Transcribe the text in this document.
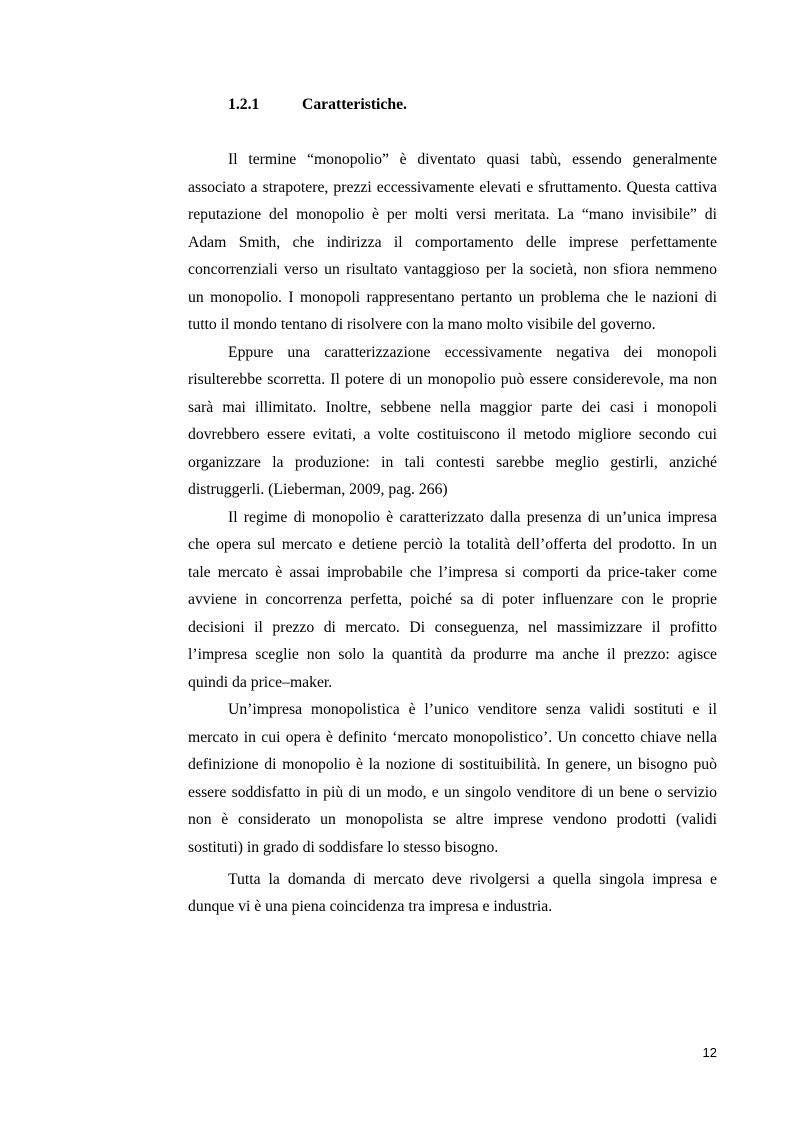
1.2.1	Caratteristiche.
Il termine “monopolio” è diventato quasi tabù, essendo generalmente
associato a strapotere, prezzi eccessivamente elevati e sfruttamento. Questa cattiva
reputazione del monopolio è per molti versi meritata. La “mano invisibile” di
Adam Smith, che indirizza il comportamento delle imprese perfettamente
concorrenziali verso un risultato vantaggioso per la società, non sfiora nemmeno
un monopolio. I monopoli rappresentano pertanto un problema che le nazioni di
tutto il mondo tentano di risolvere con la mano molto visibile del governo.
Eppure una caratterizzazione eccessivamente negativa dei monopoli
risulterebbe scorretta. Il potere di un monopolio può essere considerevole, ma non
sarà mai illimitato. Inoltre, sebbene nella maggior parte dei casi i monopoli
dovrebbero essere evitati, a volte costituiscono il metodo migliore secondo cui
organizzare la produzione: in tali contesti sarebbe meglio gestirli, anziché
distruggerli. (Lieberman, 2009, pag. 266)
Il regime di monopolio è caratterizzato dalla presenza di un’unica impresa
che opera sul mercato e detiene perciò la totalità dell’offerta del prodotto. In un
tale mercato è assai improbabile che l’impresa si comporti da price-taker come
avviene in concorrenza perfetta, poiché sa di poter influenzare con le proprie
decisioni il prezzo di mercato. Di conseguenza, nel massimizzare il profitto
l’impresa sceglie non solo la quantità da produrre ma anche il prezzo: agisce
quindi da price–maker.
Un’impresa monopolistica è l’unico venditore senza validi sostituti e il
mercato in cui opera è definito ‘mercato monopolistico’. Un concetto chiave nella
definizione di monopolio è la nozione di sostituibilità. In genere, un bisogno può
essere soddisfatto in più di un modo, e un singolo venditore di un bene o servizio
non è considerato un monopolista se altre imprese vendono prodotti (validi
sostituti) in grado di soddisfare lo stesso bisogno.
Tutta la domanda di mercato deve rivolgersi a quella singola impresa e
dunque vi è una piena coincidenza tra impresa e industria.
12
